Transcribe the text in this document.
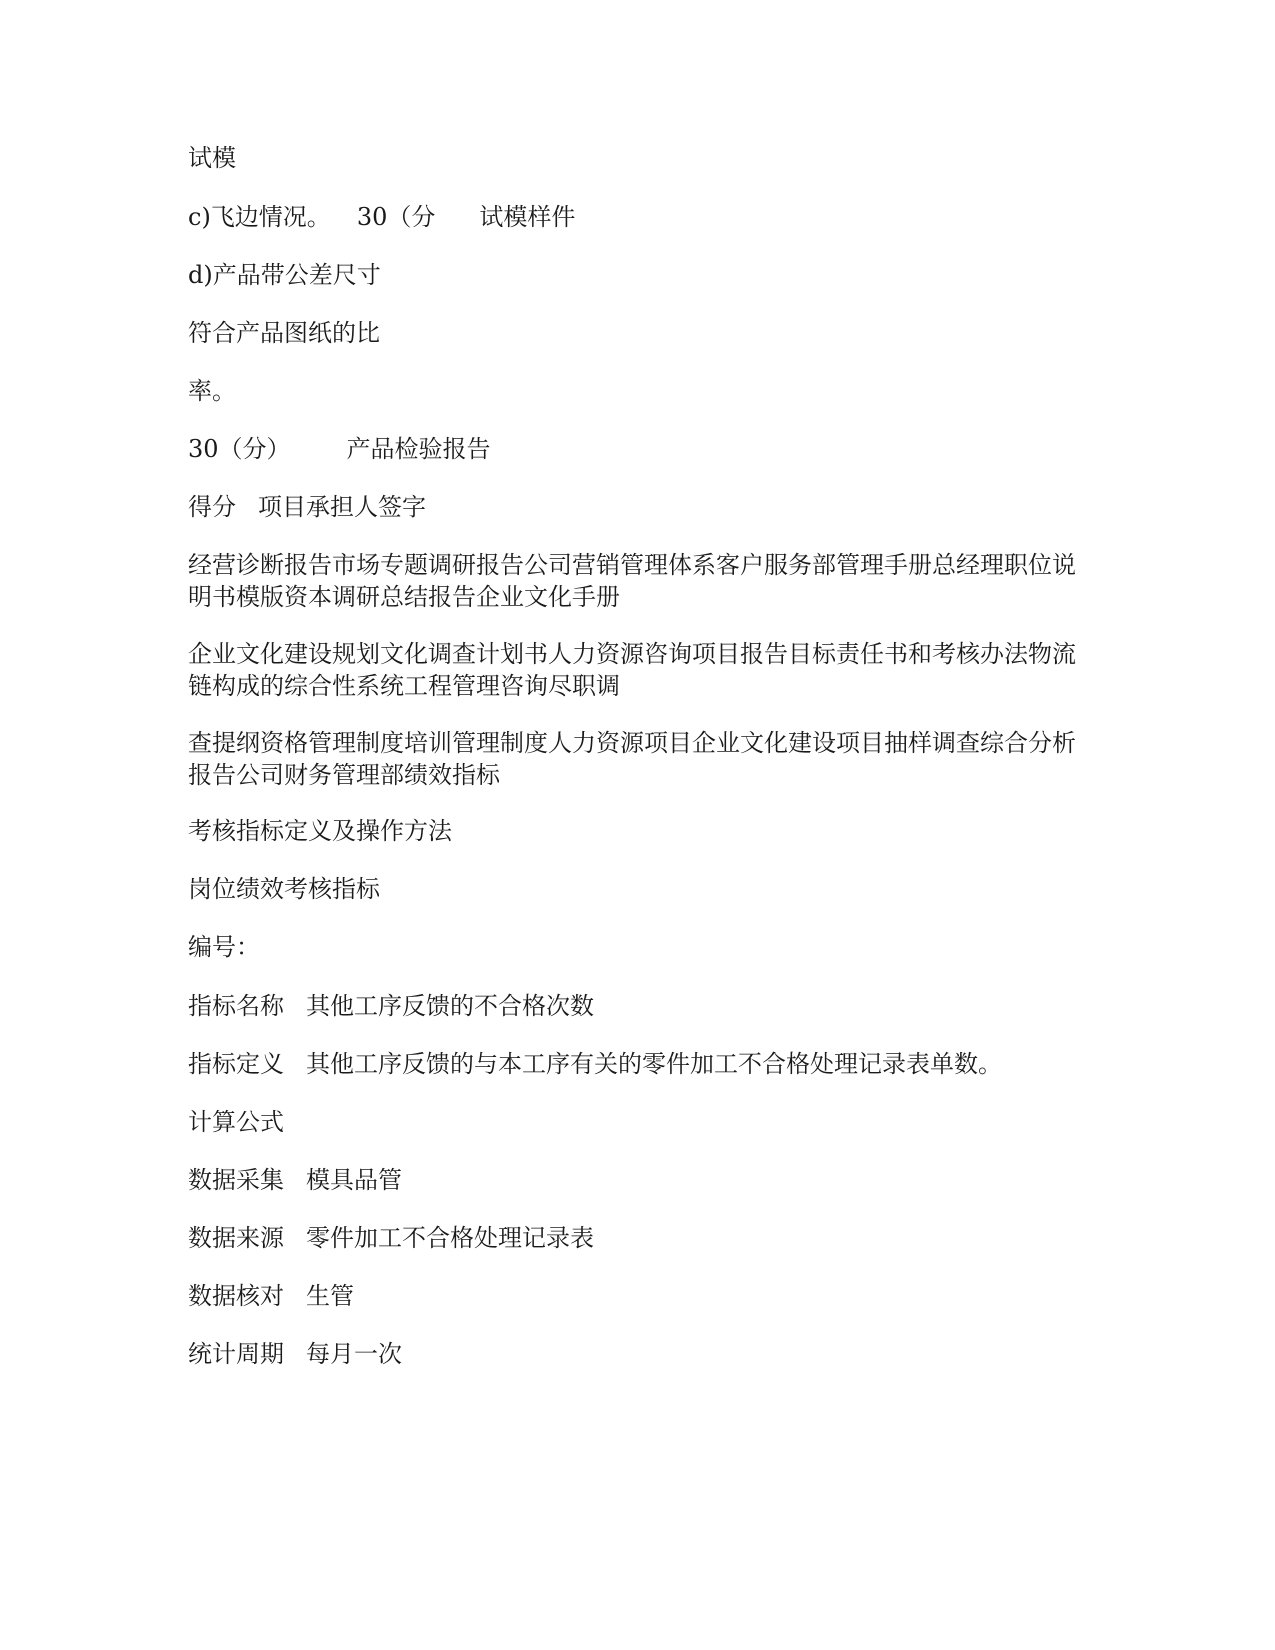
试模

c)飞边情况。 30（分 试模样件

d)产品带公差尺寸

符合产品图纸的比

率。

30（分） 产品检验报告

得分 项目承担人签字

经营诊断报告市场专题调研报告公司营销管理体系客户服务部管理手册总经理职位说明书模版资本调研总结报告企业文化手册

企业文化建设规划文化调查计划书人力资源咨询项目报告目标责任书和考核办法物流链构成的综合性系统工程管理咨询尽职调

查提纲资格管理制度培训管理制度人力资源项目企业文化建设项目抽样调查综合分析报告公司财务管理部绩效指标

考核指标定义及操作方法

岗位绩效考核指标

编号：

指标名称 其他工序反馈的不合格次数

指标定义 其他工序反馈的与本工序有关的零件加工不合格处理记录表单数。

计算公式

数据采集 模具品管

数据来源 零件加工不合格处理记录表

数据核对 生管

统计周期 每月一次
